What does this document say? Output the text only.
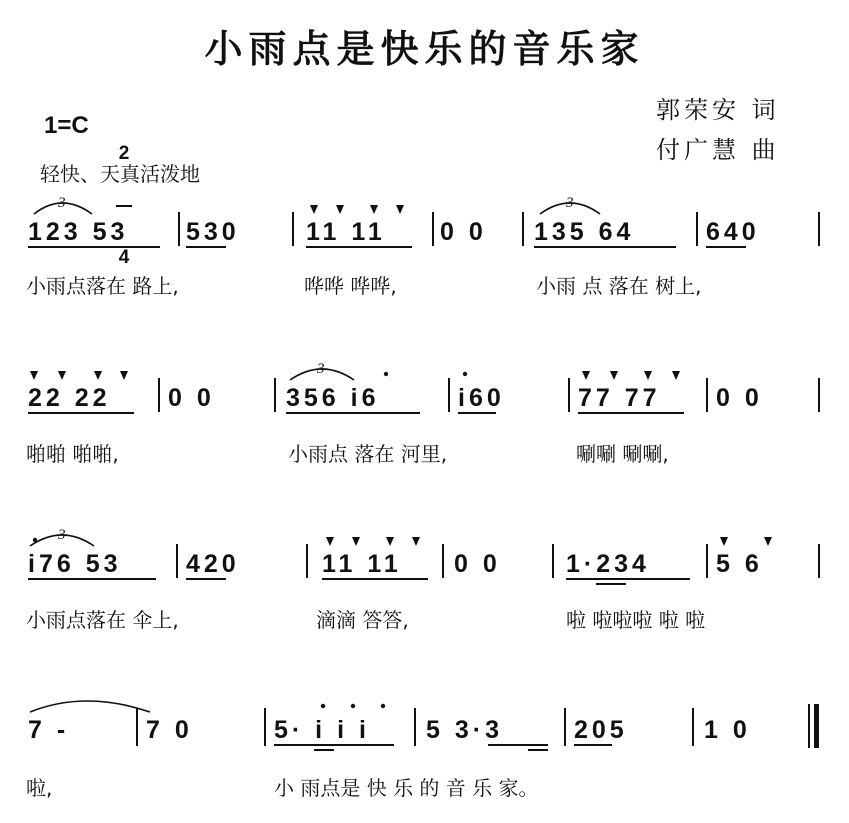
小雨点是快乐的音乐家
1=C

2

4

轻快、天真活泼地
郭荣安 词
付广慧 曲
123 53 530	11 11 0 0 135 64	640
小雨点落在 路上,	哗哗 哗哗,	小雨 点 落在 树上,
22 22 0 0	356 i6	i60	77 77 0 0
啪啪 啪啪,	小雨点 落在 河里,	唰唰 唰唰,
i76 53	420	11 11 0 0	1·234	5 6
小雨点落在 伞上,	滴滴 答答,	啦 啦啦啦 啦 啦
7 -	7 0	5· i i i 5 3·3	205	1 0
啦,	小 雨点是 快 乐 的 音 乐 家。
3	3
3
3
